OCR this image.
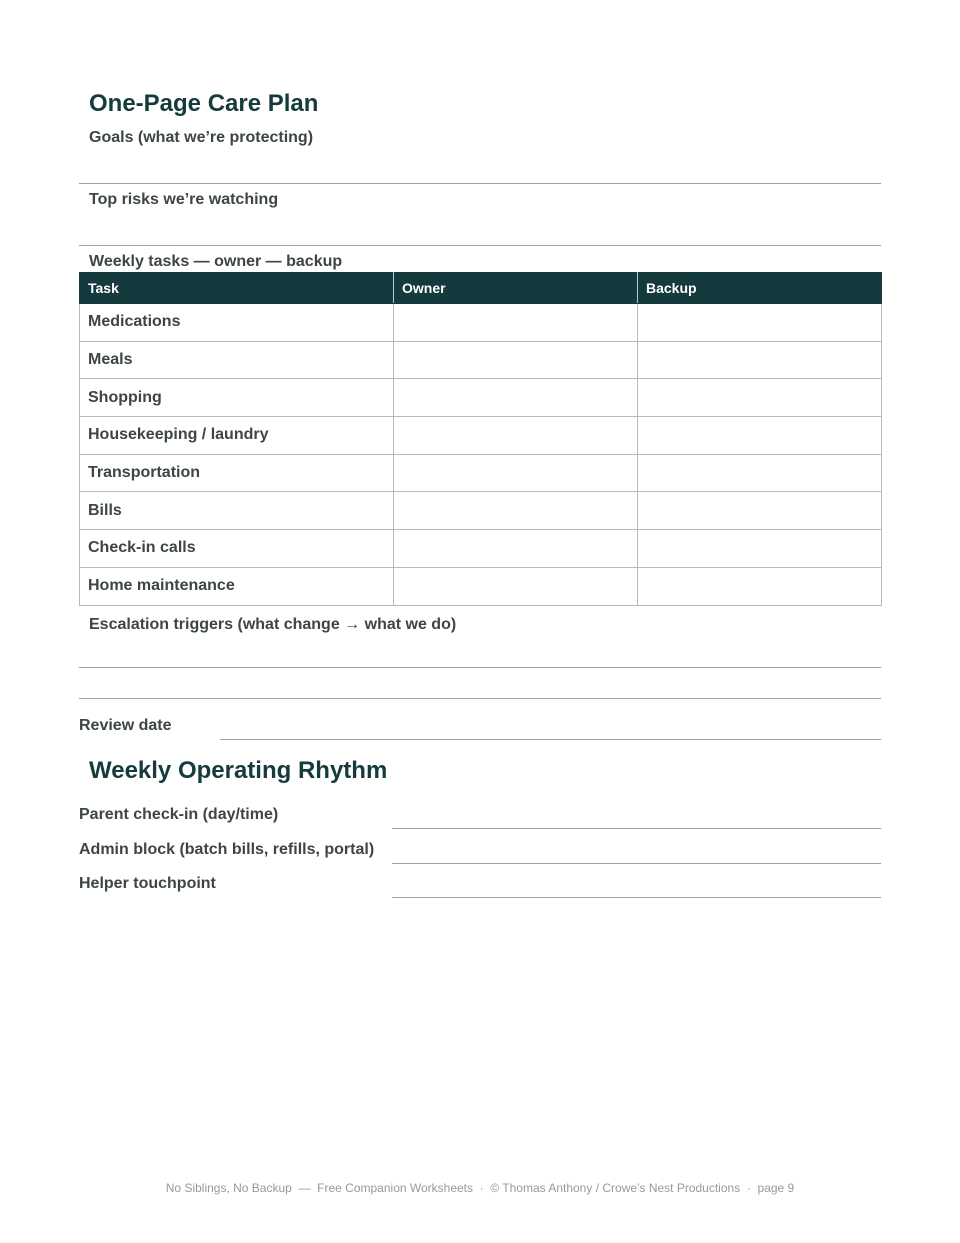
One-Page Care Plan
Goals (what we’re protecting)
Top risks we’re watching
Weekly tasks — owner — backup
Task	Owner	Backup
Medications		
Meals		
Shopping		
Housekeeping / laundry		
Transportation		
Bills		
Check-in calls		
Home maintenance		
Escalation triggers (what change → what we do)
Review date
Weekly Operating Rhythm
Parent check-in (day/time)
Admin block (batch bills, refills, portal)
Helper touchpoint
No Siblings, No Backup  —  Free Companion Worksheets  ·  © Thomas Anthony / Crowe’s Nest Productions  ·  page 9
